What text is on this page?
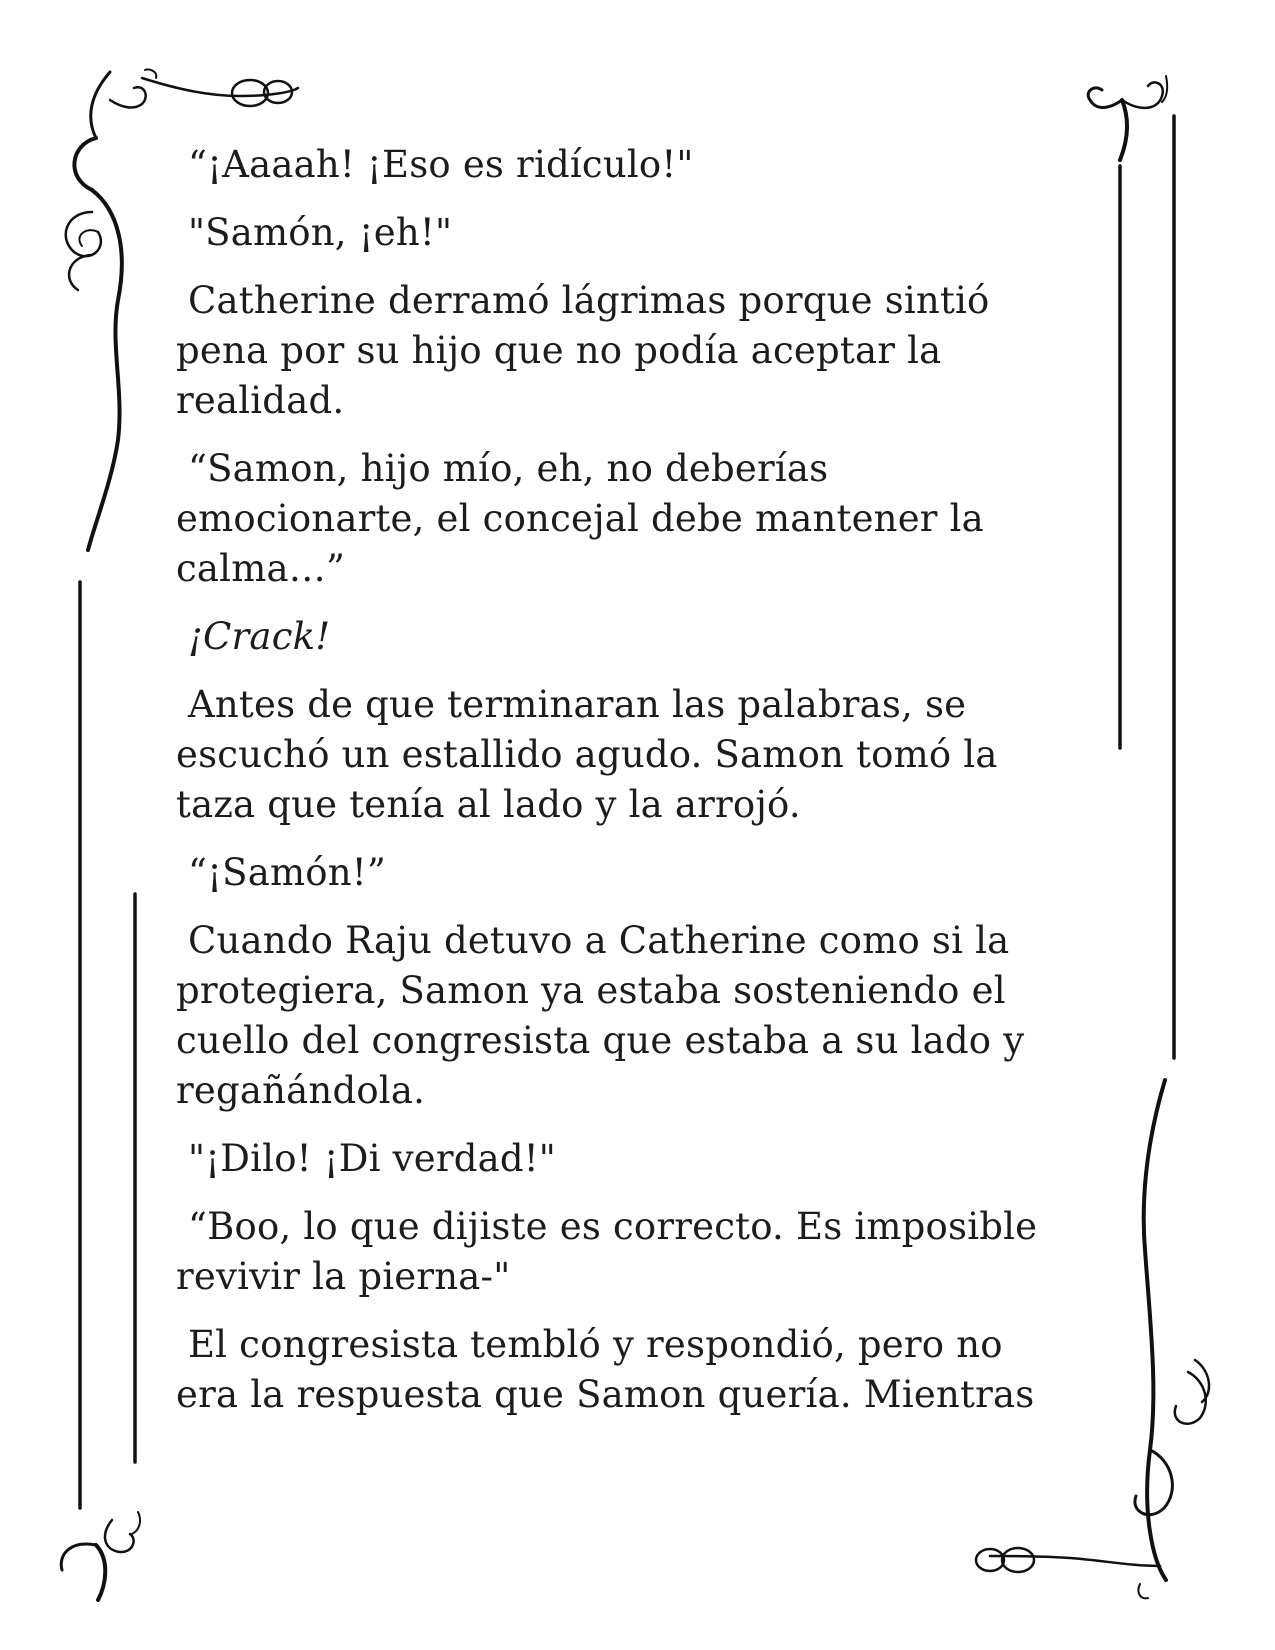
“¡Aaaah! ¡Eso es ridículo!"

"Samón, ¡eh!"

Catherine derramó lágrimas porque sintió pena por su hijo que no podía aceptar la realidad.

“Samon, hijo mío, eh, no deberías emocionarte, el concejal debe mantener la calma…”

¡Crack!

Antes de que terminaran las palabras, se escuchó un estallido agudo. Samon tomó la taza que tenía al lado y la arrojó.

“¡Samón!”

Cuando Raju detuvo a Catherine como si la protegiera, Samon ya estaba sosteniendo el cuello del congresista que estaba a su lado y regañándola.

"¡Dilo! ¡Di verdad!"

“Boo, lo que dijiste es correcto. Es imposible revivir la pierna-"

El congresista tembló y respondió, pero no era la respuesta que Samon quería. Mientras
